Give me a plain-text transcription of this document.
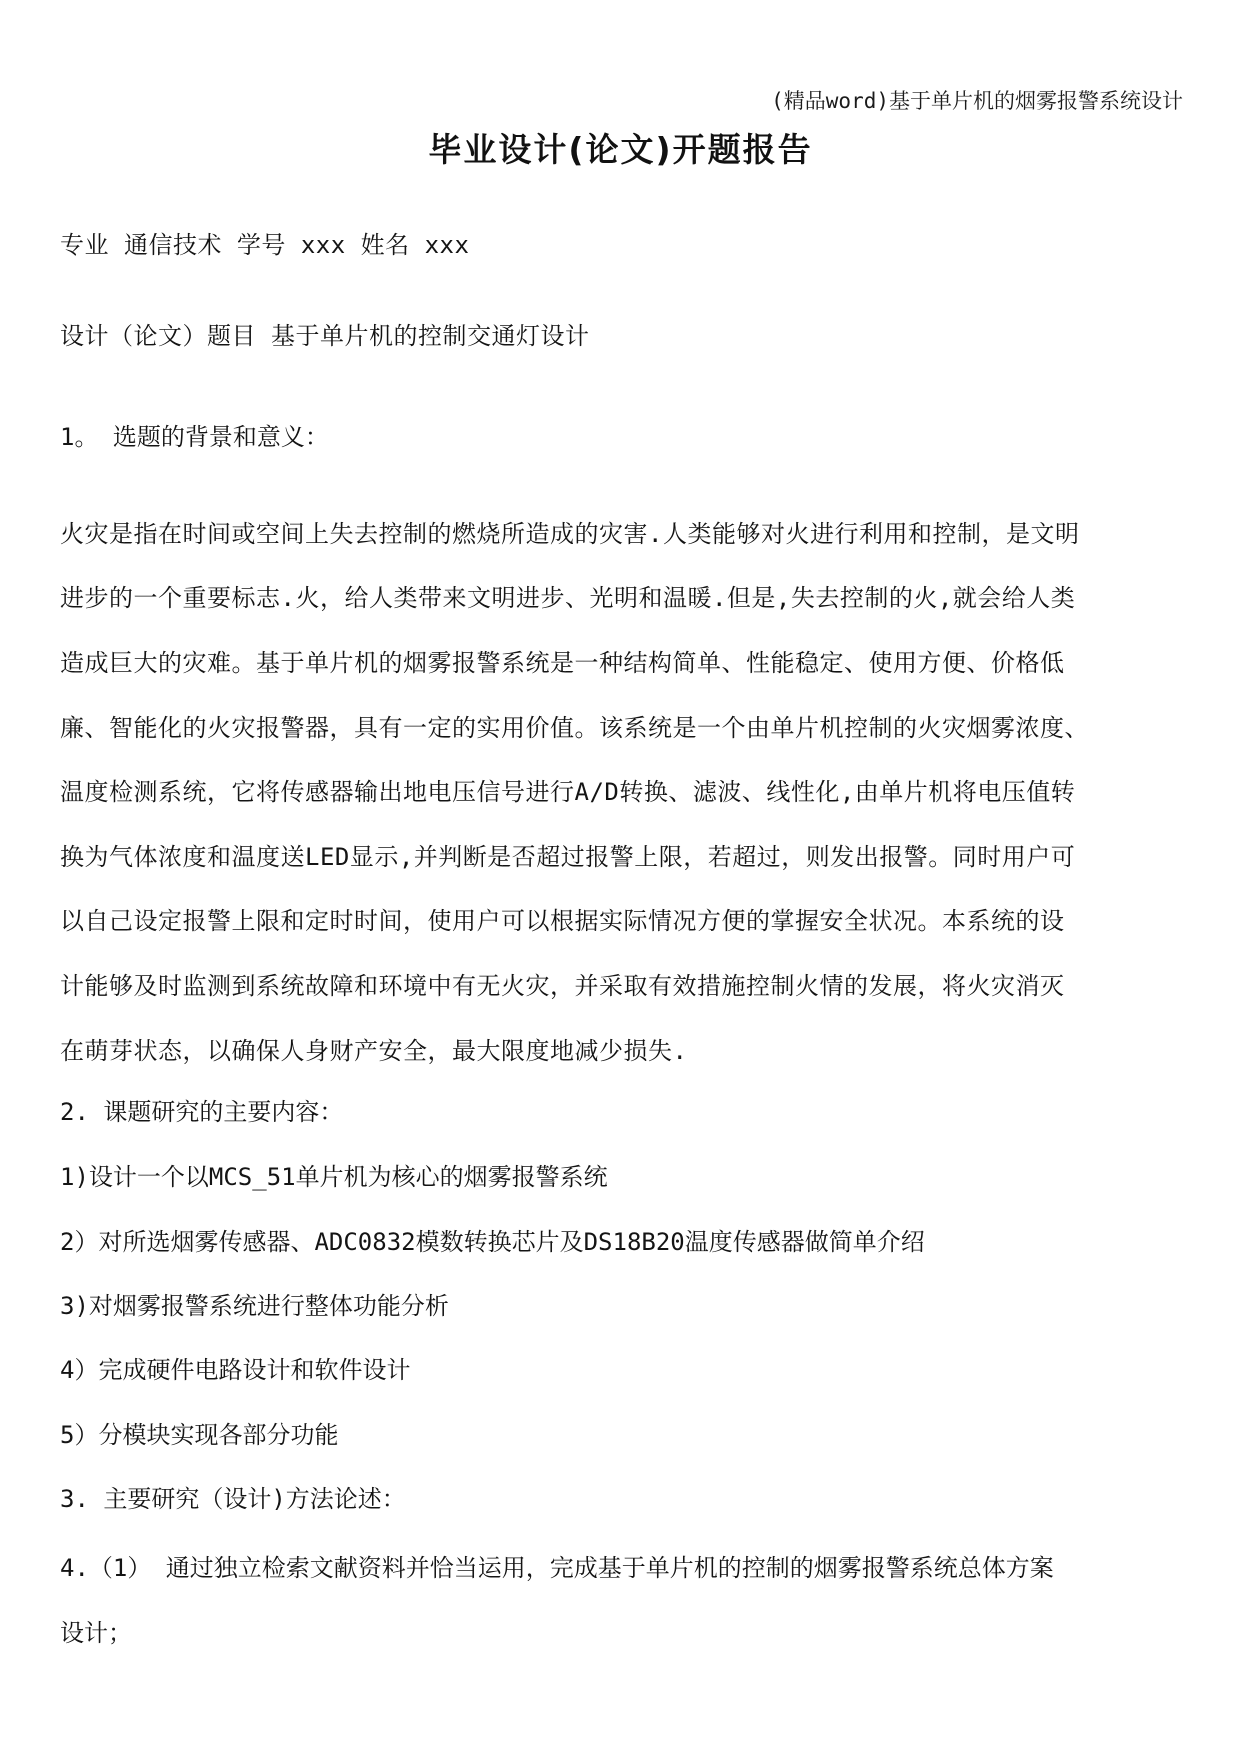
(精品word)基于单片机的烟雾报警系统设计
毕业设计(论文)开题报告
专业 通信技术 学号 xxx 姓名 xxx
设计（论文）题目 基于单片机的控制交通灯设计
1。 选题的背景和意义：
火灾是指在时间或空间上失去控制的燃烧所造成的灾害.人类能够对火进行利用和控制，是文明
进步的一个重要标志.火，给人类带来文明进步、光明和温暖.但是,失去控制的火,就会给人类
造成巨大的灾难。基于单片机的烟雾报警系统是一种结构简单、性能稳定、使用方便、价格低
廉、智能化的火灾报警器，具有一定的实用价值。该系统是一个由单片机控制的火灾烟雾浓度、
温度检测系统，它将传感器输出地电压信号进行A/D转换、滤波、线性化,由单片机将电压值转
换为气体浓度和温度送LED显示,并判断是否超过报警上限，若超过，则发出报警。同时用户可
以自己设定报警上限和定时时间，使用户可以根据实际情况方便的掌握安全状况。本系统的设
计能够及时监测到系统故障和环境中有无火灾，并采取有效措施控制火情的发展，将火灾消灭
在萌芽状态，以确保人身财产安全，最大限度地减少损失.
2. 课题研究的主要内容：
1)设计一个以MCS_51单片机为核心的烟雾报警系统
2）对所选烟雾传感器、ADC0832模数转换芯片及DS18B20温度传感器做简单介绍
3)对烟雾报警系统进行整体功能分析
4）完成硬件电路设计和软件设计
5）分模块实现各部分功能
3. 主要研究（设计)方法论述：
4.（1） 通过独立检索文献资料并恰当运用，完成基于单片机的控制的烟雾报警系统总体方案
设计；
